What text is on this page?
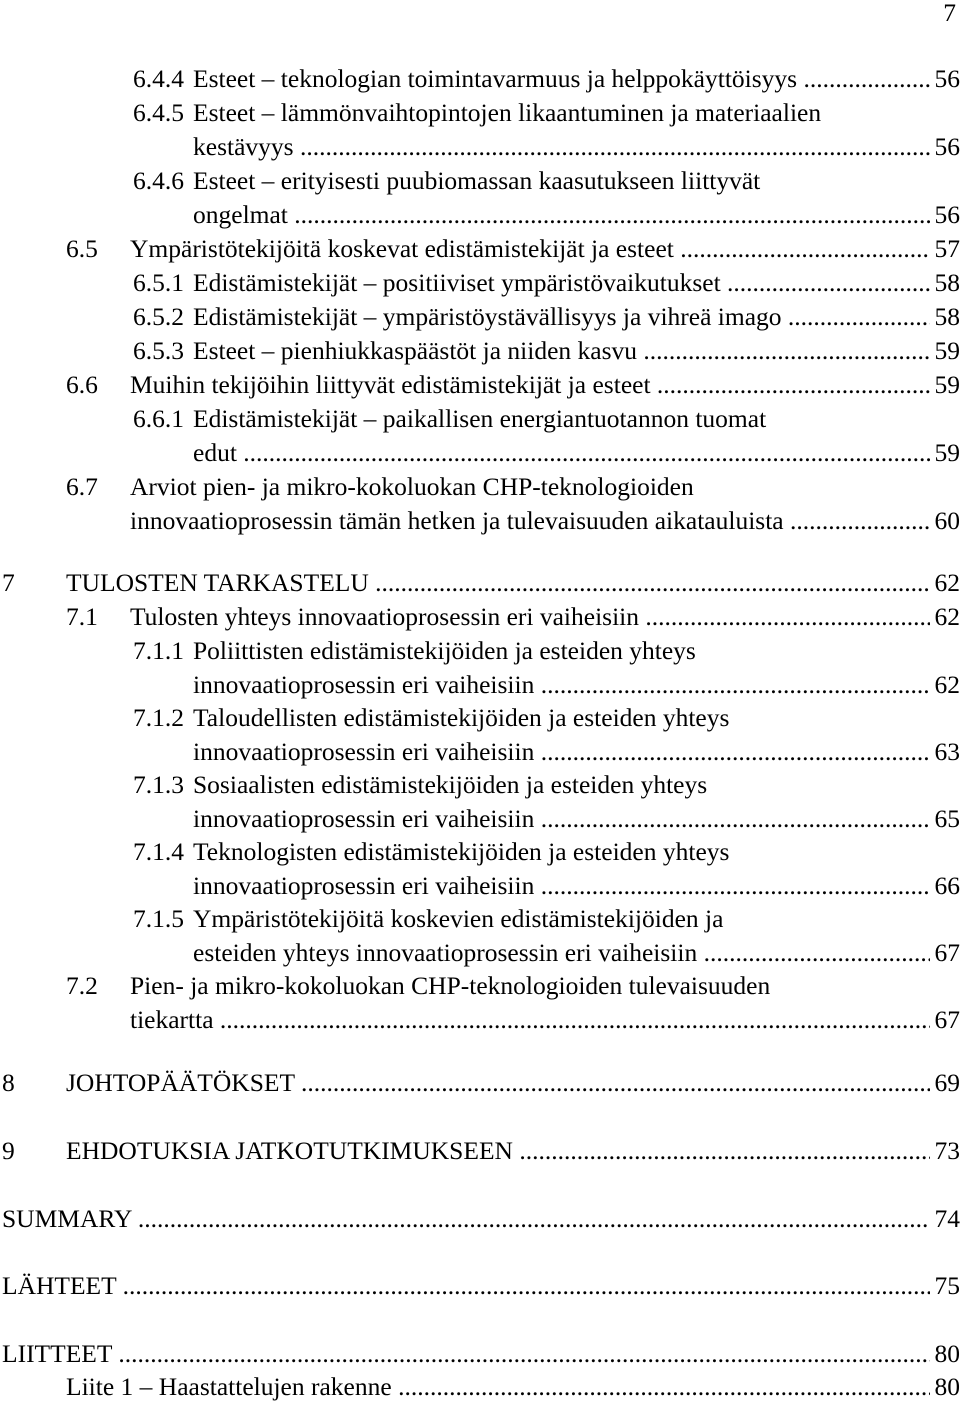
7
6.4.4 Esteet – teknologian toimintavarmuus ja helppokäyttöisyys .....	56
6.4.5 Esteet – lämmönvaihtopintojen likaantuminen ja materiaalien
kestävyys .....	56
6.4.6 Esteet – erityisesti puubiomassan kaasutukseen liittyvät
ongelmat .....	56
6.5 Ympäristötekijöitä koskevat edistämistekijät ja esteet .....	57
6.5.1 Edistämistekijät – positiiviset ympäristövaikutukset .....	58
6.5.2 Edistämistekijät – ympäristöystävällisyys ja vihreä imago .....	58
6.5.3 Esteet – pienhiukkaspäästöt ja niiden kasvu .....	59
6.6 Muihin tekijöihin liittyvät edistämistekijät ja esteet .....	59
6.6.1 Edistämistekijät – paikallisen energiantuotannon tuomat
edut .....	59
6.7 Arviot pien- ja mikro-kokoluokan CHP-teknologioiden
innovaatioprosessin tämän hetken ja tulevaisuuden aikatauluista .....	60
7 TULOSTEN TARKASTELU .....	62
7.1 Tulosten yhteys innovaatioprosessin eri vaiheisiin .....	62
7.1.1 Poliittisten edistämistekijöiden ja esteiden yhteys
innovaatioprosessin eri vaiheisiin .....	62
7.1.2 Taloudellisten edistämistekijöiden ja esteiden yhteys
innovaatioprosessin eri vaiheisiin .....	63
7.1.3 Sosiaalisten edistämistekijöiden ja esteiden yhteys
innovaatioprosessin eri vaiheisiin .....	65
7.1.4 Teknologisten edistämistekijöiden ja esteiden yhteys
innovaatioprosessin eri vaiheisiin .....	66
7.1.5 Ympäristötekijöitä koskevien edistämistekijöiden ja
esteiden yhteys innovaatioprosessin eri vaiheisiin .....	67
7.2 Pien- ja mikro-kokoluokan CHP-teknologioiden tulevaisuuden
tiekartta .....	67
8 JOHTOPÄÄTÖKSET .....	69
9 EHDOTUKSIA JATKOTUTKIMUKSEEN .....	73
SUMMARY .....	74
LÄHTEET .....	75
LIITTEET .....	80
Liite 1 – Haastattelujen rakenne .....	80
